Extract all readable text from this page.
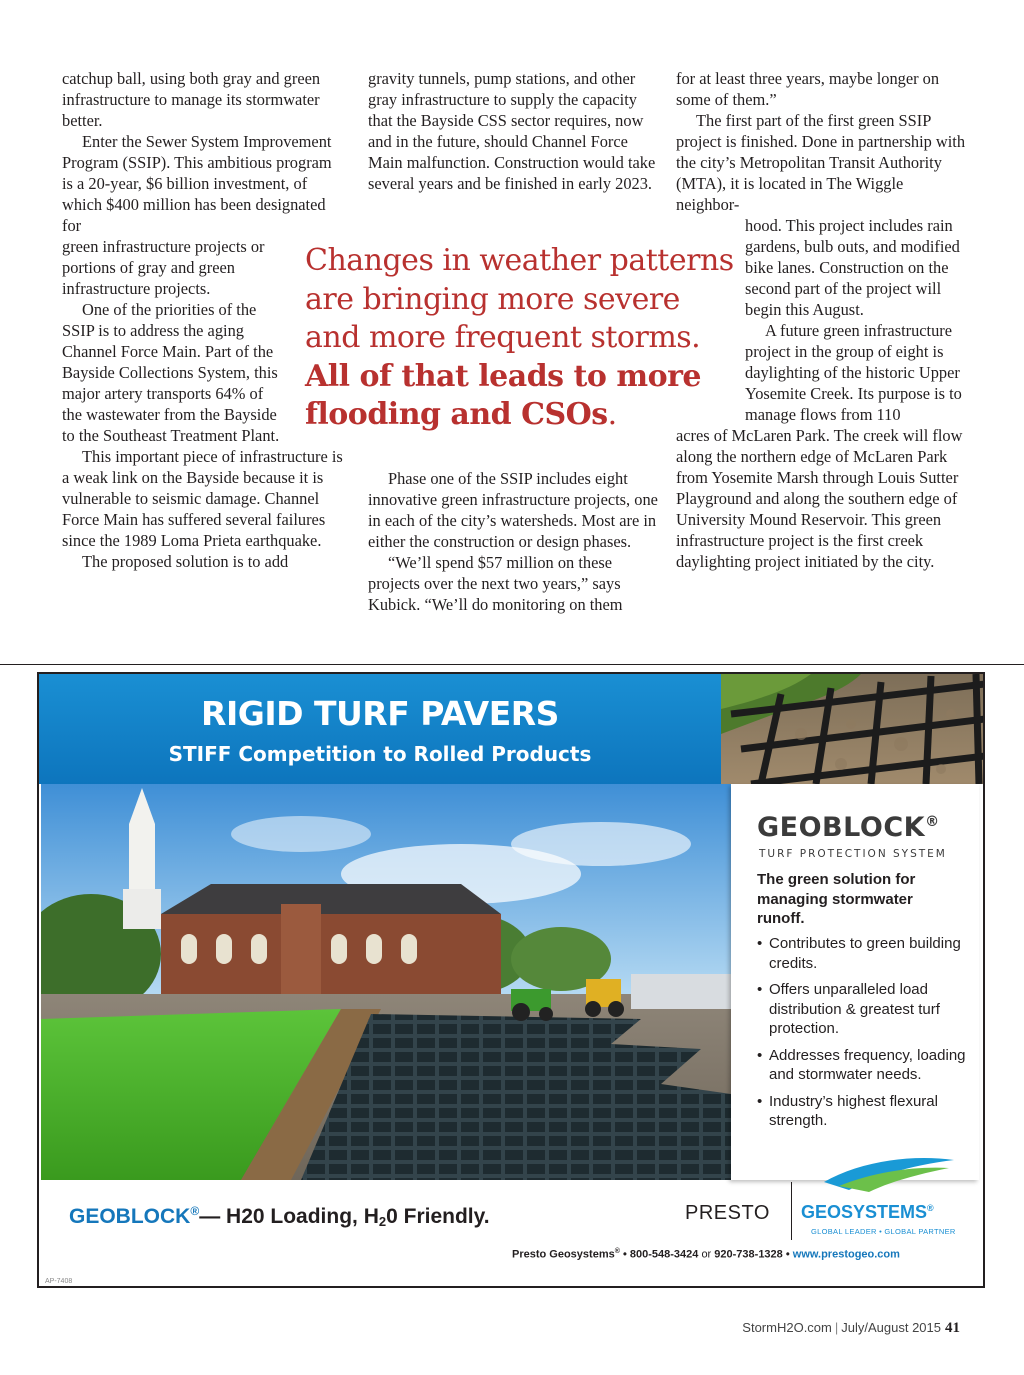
catchup ball, using both gray and green infrastructure to manage its stormwater better.

Enter the Sewer System Improvement Program (SSIP). This ambitious program is a 20-year, $6 billion investment, of which $400 million has been designated for

green infrastructure projects or portions of gray and green infrastructure projects.

One of the priorities of the SSIP is to address the aging Channel Force Main. Part of the Bayside Collections System, this major artery transports 64% of the wastewater from the Bayside to the Southeast Treatment Plant.

This important piece of infrastructure is a weak link on the Bayside because it is vulnerable to seismic damage. Channel Force Main has suffered several failures since the 1989 Loma Prieta earthquake.

The proposed solution is to add

gravity tunnels, pump stations, and other gray infrastructure to supply the capacity that the Bayside CSS sector requires, now and in the future, should Channel Force Main malfunction. Construction would take several years and be finished in early 2023.

Phase one of the SSIP includes eight innovative green infrastructure projects, one in each of the city’s watersheds. Most are in either the construction or design phases.

“We’ll spend $57 million on these projects over the next two years,” says Kubick. “We’ll do monitoring on them

for at least three years, maybe longer on some of them.”

The first part of the first green SSIP project is finished. Done in partnership with the city’s Metropolitan Transit Authority (MTA), it is located in The Wiggle neighbor-

hood. This project includes rain gardens, bulb outs, and modified bike lanes. Construction on the second part of the project will begin this August.

A future green infrastructure project in the group of eight is daylighting of the historic Upper Yosemite Creek. Its purpose is to manage flows from 110

acres of McLaren Park. The creek will flow along the northern edge of McLaren Park from Yosemite Marsh through Louis Sutter Playground and along the southern edge of University Mound Reservoir. This green infrastructure project is the first creek daylighting project initiated by the city.

Changes in weather patterns are bringing more severe and more frequent storms. All of that leads to more flooding and CSOs.
RIGID TURF PAVERS
STIFF Competition to Rolled Products
GEOBLOCK®
TURF PROTECTION SYSTEM
The green solution for managing stormwater runoff.
• Contributes to green building credits.
• Offers unparalleled load distribution & greatest turf protection.
• Addresses frequency, loading and stormwater needs.
• Industry’s highest flexural strength.
GEOBLOCK®— H20 Loading, $H_20$ Friendly.	PRESTO GEOSYSTEMS®
GLOBAL LEADER • GLOBAL PARTNER
Presto Geosystems® • 800-548-3424 or 920-738-1328 • www.prestogeo.com
AP-7408
StormH2O.com | July/August 2015 41
